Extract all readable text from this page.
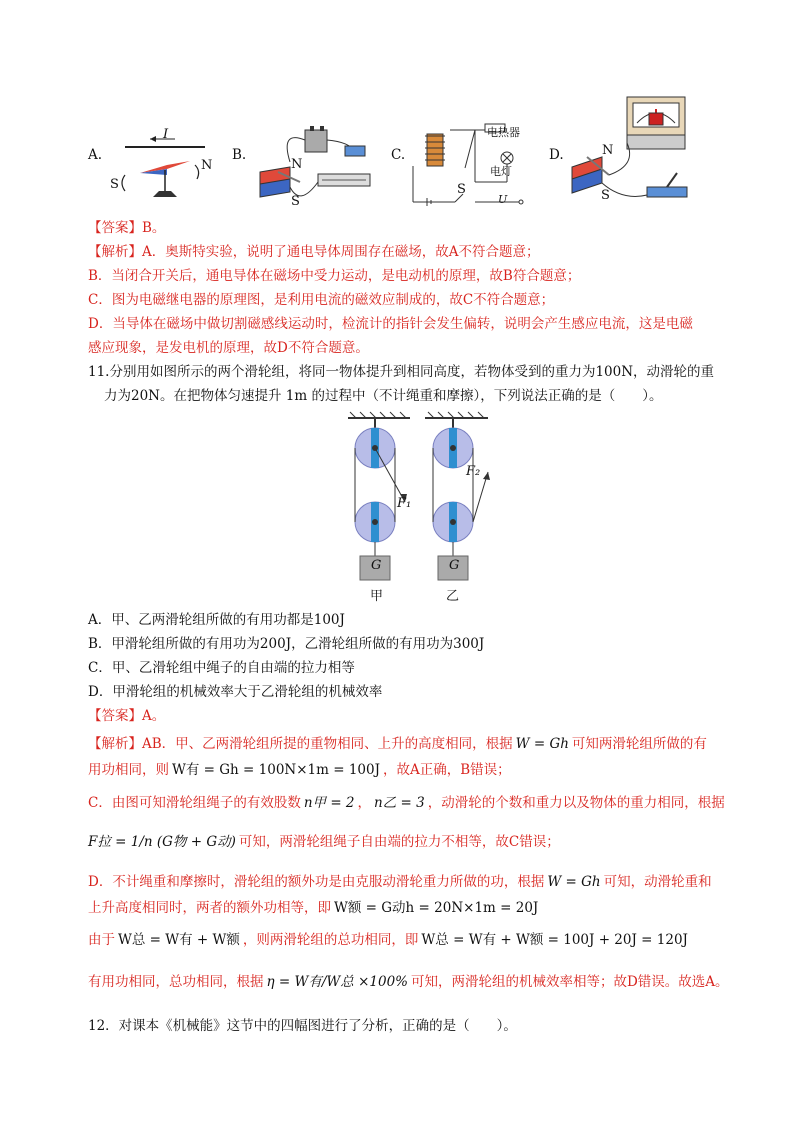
A.
I
N
S
B.
N
S
C.
电热器
电灯
S
U
D.	N
S
【答案】B。
【解析】A．奥斯特实验，说明了通电导体周围存在磁场，故A不符合题意；
B．当闭合开关后，通电导体在磁场中受力运动，是电动机的原理，故B符合题意；
C．图为电磁继电器的原理图，是利用电流的磁效应制成的，故C不符合题意；
D．当导体在磁场中做切割磁感线运动时，检流计的指针会发生偏转，说明会产生感应电流，这是电磁
感应现象，是发电机的原理，故D不符合题意。
11.分别用如图所示的两个滑轮组，将同一物体提升到相同高度，若物体受到的重力为100N，动滑轮的重
力为20N。在把物体匀速提升 1m 的过程中（不计绳重和摩擦），下列说法正确的是（　　）。
G	G
F₁
F₂
甲	乙
A．甲、乙两滑轮组所做的有用功都是100J
B．甲滑轮组所做的有用功为200J，乙滑轮组所做的有用功为300J
C．甲、乙滑轮组中绳子的自由端的拉力相等
D．甲滑轮组的机械效率大于乙滑轮组的机械效率
【答案】A。
【解析】AB．甲、乙两滑轮组所提的重物相同、上升的高度相同，根据 W = Gh 可知两滑轮组所做的有
用功相同，则 W有 = Gh = 100N×1m = 100J ，故A正确，B错误；
C．由图可知滑轮组绳子的有效股数 n甲 = 2 ， n乙 = 3 ，动滑轮的个数和重力以及物体的重力相同，根据
F拉 = 1/n (G物 + G动) 可知，两滑轮组绳子自由端的拉力不相等，故C错误；
D．不计绳重和摩擦时，滑轮组的额外功是由克服动滑轮重力所做的功，根据 W = Gh 可知，动滑轮重和
上升高度相同时，两者的额外功相等，即 W额 = G动h = 20N×1m = 20J
由于 W总 = W有 + W额 ，则两滑轮组的总功相同，即 W总 = W有 + W额 = 100J + 20J = 120J
有用功相同，总功相同，根据 η = W有/W总 ×100% 可知，两滑轮组的机械效率相等；故D错误。故选A。
12．对课本《机械能》这节中的四幅图进行了分析，正确的是（　　）。
